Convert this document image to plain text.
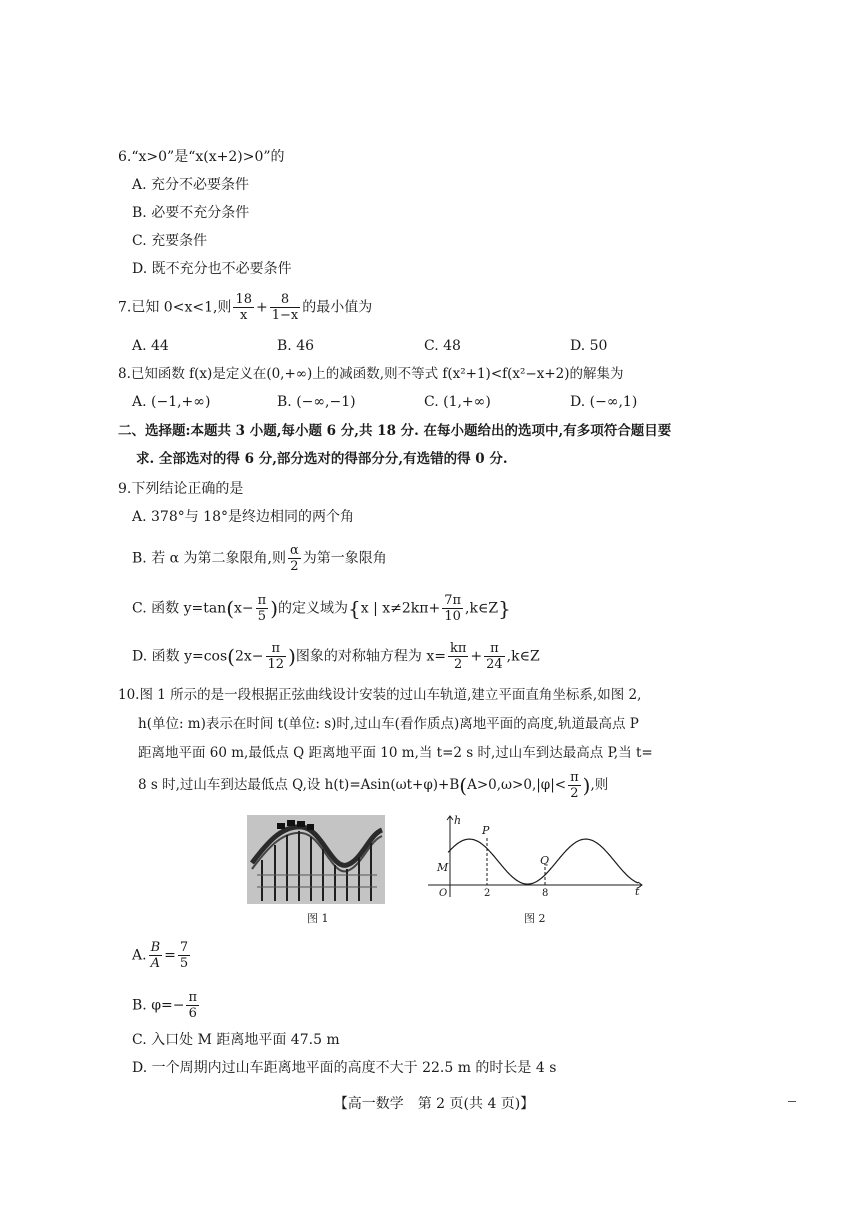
6.“x>0”是“x(x+2)>0”的
A. 充分不必要条件
B. 必要不充分条件
C. 充要条件
D. 既不充分也不必要条件
7.已知 0<x<1,则 $\frac{18}{x} + \frac{8}{1-x}$ 的最小值为
A. 44	B. 46	C. 48	D. 50
8.已知函数 f(x)是定义在(0,+∞)上的减函数,则不等式 f(x²+1)<f(x²−x+2)的解集为
A. (−1,+∞)	B. (−∞,−1)	C. (1,+∞)	D. (−∞,1)
二、选择题:本题共 3 小题,每小题 6 分,共 18 分. 在每小题给出的选项中,有多项符合题目要
求. 全部选对的得 6 分,部分选对的得部分分,有选错的得 0 分.
9.下列结论正确的是
A. 378°与 18°是终边相同的两个角
B. 若 α 为第二象限角,则 $\frac{\alpha}{2}$ 为第一象限角
C. 函数 $y=\tan(x- \frac{\pi}{5}$ )的定义域为{x | $x\ne 2k\pi+ \frac{7\pi}{10}$ ,k∈Z}
D. 函数 $y=\cos(2x- \frac{\pi}{12}$ )图象的对称轴方程为 $x= \frac{k\pi}{2} + \frac{\pi}{24}$ ,k∈Z
10.图 1 所示的是一段根据正弦曲线设计安装的过山车轨道,建立平面直角坐标系,如图 2,
h(单位: m)表示在时间 t(单位: s)时,过山车(看作质点)离地平面的高度,轨道最高点 P
距离地平面 60 m,最低点 Q 距离地平面 10 m,当 t=2 s 时,过山车到达最高点 P,当 t=
8 s 时,过山车到达最低点 Q,设 $h(t)=Asin(\omega t+\varphi)+B(A>0,\omega>0,|\varphi|< \frac{\pi}{2}$ ),则
图 1
h
t
M
P
Q
O	2	8
图 2
A. $\frac{B}{A} = \frac{7}{5}$
B. $\varphi=- \frac{\pi}{6}$
C. 入口处 M 距离地平面 47.5 m
D. 一个周期内过山车距离地平面的高度不大于 22.5 m 的时长是 4 s
【高一数学　第 2 页(共 4 页)】
